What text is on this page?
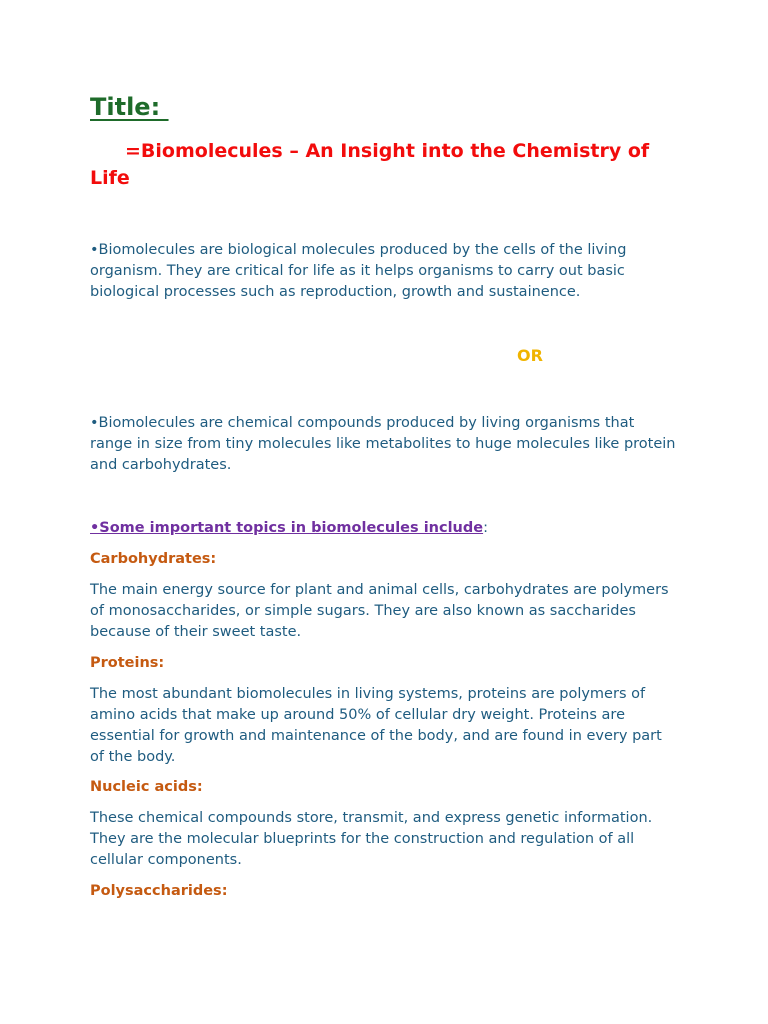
Title:
=Biomolecules – An Insight into the Chemistry of Life
•Biomolecules are biological molecules produced by the cells of the living organism. They are critical for life as it helps organisms to carry out basic biological processes such as reproduction, growth and sustainence.
OR
•Biomolecules are chemical compounds produced by living organisms that range in size from tiny molecules like metabolites to huge molecules like protein and carbohydrates.
•Some important topics in biomolecules include:
Carbohydrates:
The main energy source for plant and animal cells, carbohydrates are polymers of monosaccharides, or simple sugars. They are also known as saccharides because of their sweet taste.
Proteins:
The most abundant biomolecules in living systems, proteins are polymers of amino acids that make up around 50% of cellular dry weight. Proteins are essential for growth and maintenance of the body, and are found in every part of the body.
Nucleic acids:
These chemical compounds store, transmit, and express genetic information. They are the molecular blueprints for the construction and regulation of all cellular components.
Polysaccharides:
